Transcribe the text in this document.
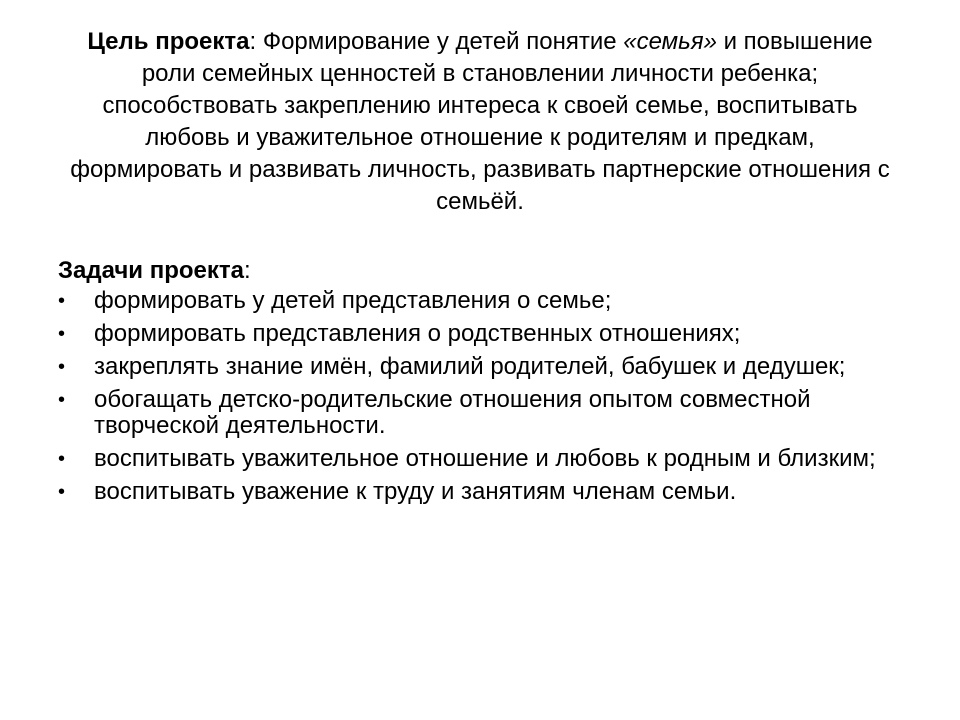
Цель проекта: Формирование у детей понятие «семья» и повышение роли семейных ценностей в становлении личности ребенка; способствовать закреплению интереса к своей семье, воспитывать любовь и уважительное отношение к родителям и предкам, формировать и развивать личность, развивать партнерские отношения с семьёй.
Задачи проекта:
•	формировать у детей представления о семье;
•	формировать представления о родственных отношениях;
•	закреплять знание имён, фамилий родителей, бабушек и дедушек;
•	обогащать детско-родительские отношения опытом совместной творческой деятельности.
•	воспитывать уважительное отношение и любовь к родным и близким;
•	воспитывать уважение к труду и занятиям членам семьи.
